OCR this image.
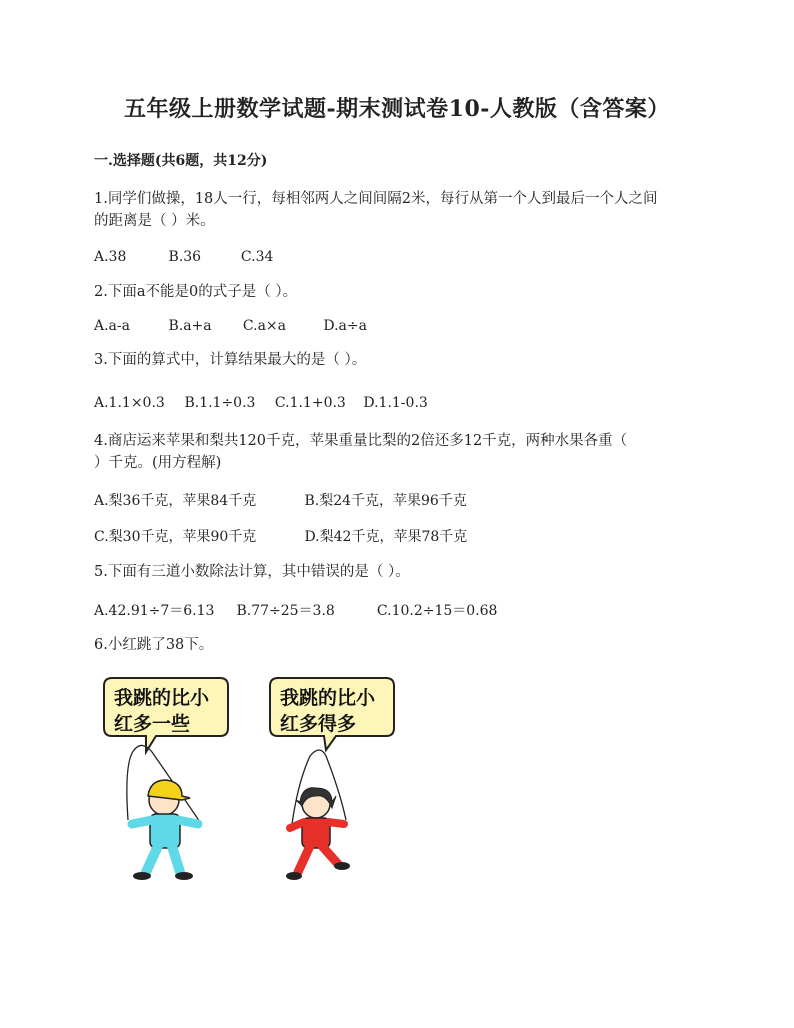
五年级上册数学试题-期末测试卷10-人教版（含答案）
一.选择题(共6题，共12分)
1.同学们做操，18人一行，每相邻两人之间间隔2米，每行从第一个人到最后一个人之间
的距离是（ ）米。
A.38	B.36	C.34
2.下面a不能是0的式子是（ ）。
A.a-a	B.a+a C.a×a	D.a÷a
3.下面的算式中，计算结果最大的是（ ）。
A.1.1×0.3 B.1.1÷0.3 C.1.1+0.3 D.1.1-0.3
4.商店运来苹果和梨共120千克，苹果重量比梨的2倍还多12千克，两种水果各重（
）千克。(用方程解)
A.梨36千克，苹果84千克	B.梨24千克，苹果96千克
C.梨30千克，苹果90千克	D.梨42千克，苹果78千克
5.下面有三道小数除法计算，其中错误的是（ ）。
A.42.91÷7＝6.13 B.77÷25＝3.8	C.10.2÷15＝0.68
6.小红跳了38下。
我跳的比小
红多一些
我跳的比小
红多得多
